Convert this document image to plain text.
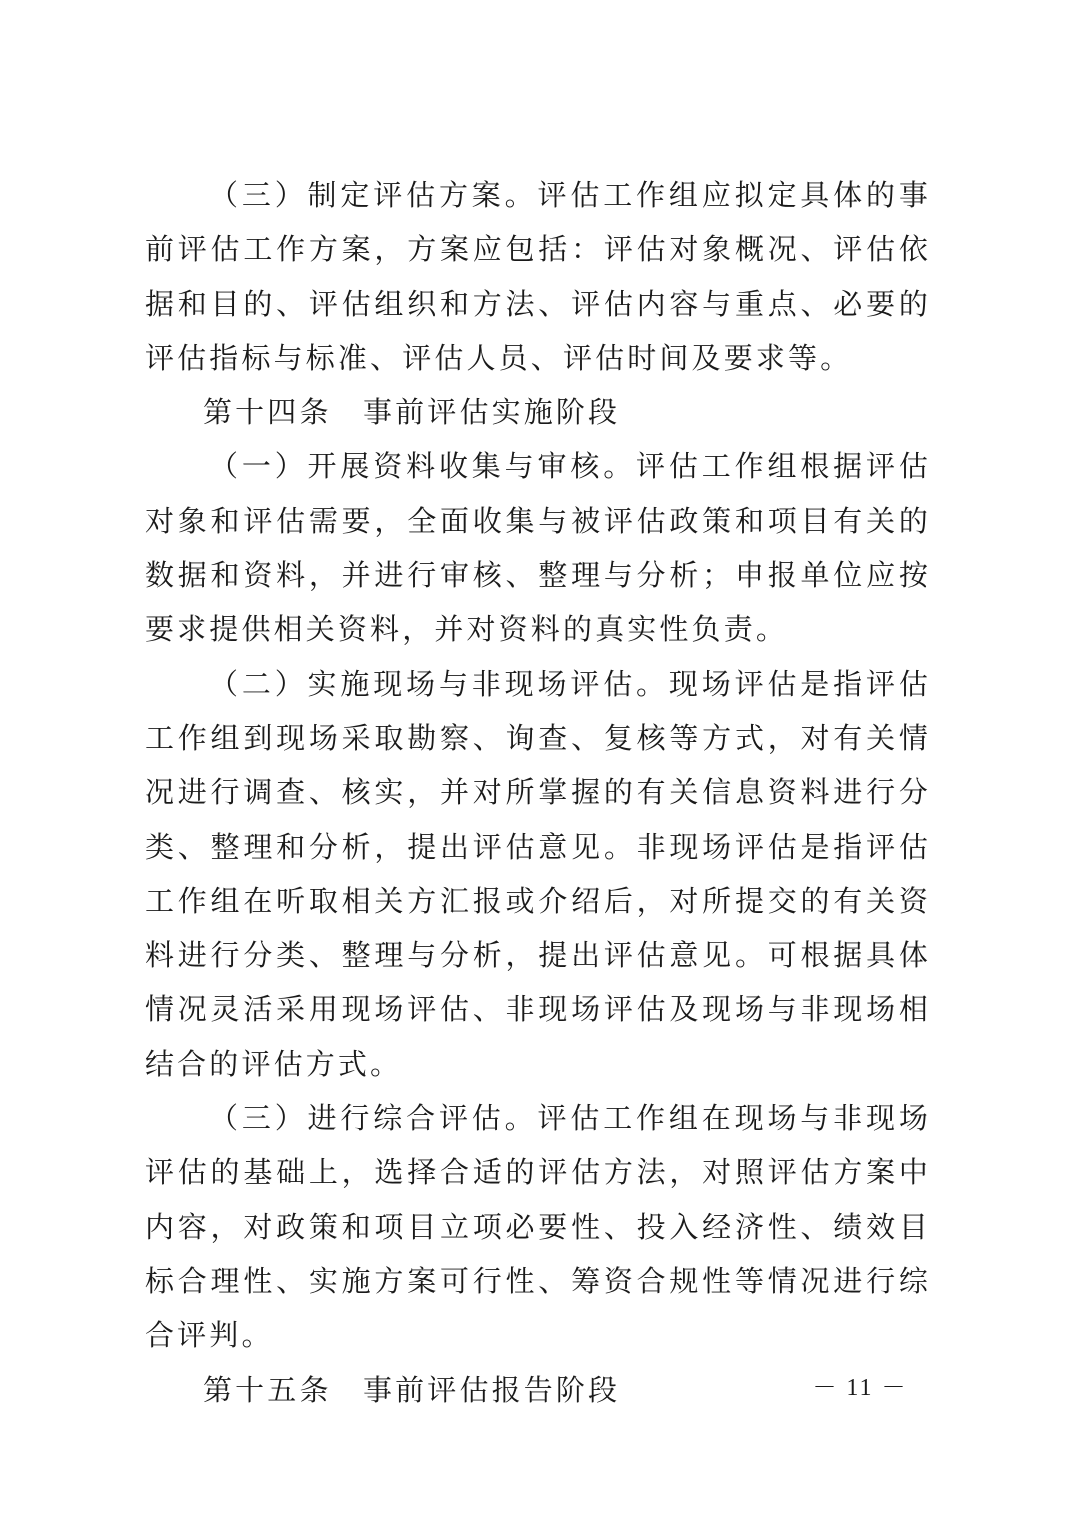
（三）制定评估方案。评估工作组应拟定具体的事前评估工作方案，方案应包括：评估对象概况、评估依据和目的、评估组织和方法、评估内容与重点、必要的评估指标与标准、评估人员、评估时间及要求等。

第十四条 事前评估实施阶段

（一）开展资料收集与审核。评估工作组根据评估对象和评估需要，全面收集与被评估政策和项目有关的数据和资料，并进行审核、整理与分析；申报单位应按要求提供相关资料，并对资料的真实性负责。

（二）实施现场与非现场评估。现场评估是指评估工作组到现场采取勘察、询查、复核等方式，对有关情况进行调查、核实，并对所掌握的有关信息资料进行分类、整理和分析，提出评估意见。非现场评估是指评估工作组在听取相关方汇报或介绍后，对所提交的有关资料进行分类、整理与分析，提出评估意见。可根据具体情况灵活采用现场评估、非现场评估及现场与非现场相结合的评估方式。

（三）进行综合评估。评估工作组在现场与非现场评估的基础上，选择合适的评估方法，对照评估方案中内容，对政策和项目立项必要性、投入经济性、绩效目标合理性、实施方案可行性、筹资合规性等情况进行综合评判。

第十五条 事前评估报告阶段	－ 11 －
